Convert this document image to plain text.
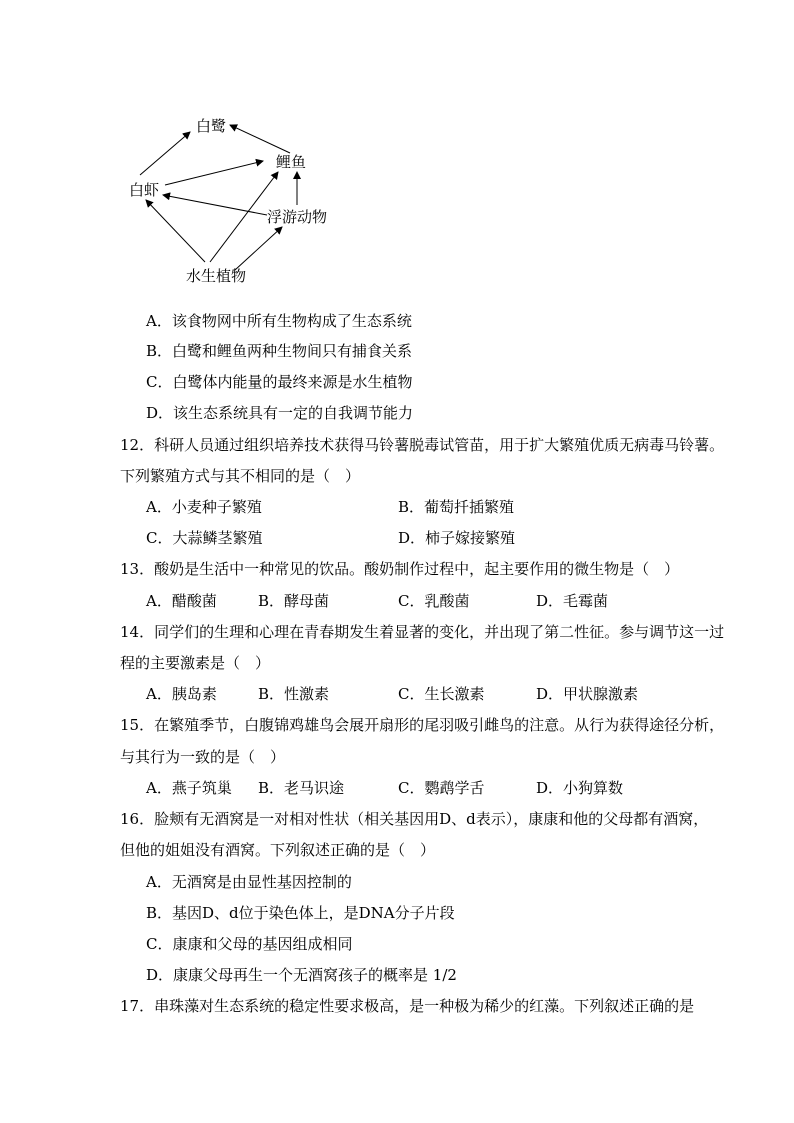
白鹭
鲤鱼
白虾
浮游动物
水生植物
A．该食物网中所有生物构成了生态系统
B．白鹭和鲤鱼两种生物间只有捕食关系
C．白鹭体内能量的最终来源是水生植物
D．该生态系统具有一定的自我调节能力
12．科研人员通过组织培养技术获得马铃薯脱毒试管苗，用于扩大繁殖优质无病毒马铃薯。
下列繁殖方式与其不相同的是（　）
A．小麦种子繁殖	B．葡萄扦插繁殖
C．大蒜鳞茎繁殖	D．柿子嫁接繁殖
13．酸奶是生活中一种常见的饮品。酸奶制作过程中，起主要作用的微生物是（　）
A．醋酸菌	B．酵母菌	C．乳酸菌	D．毛霉菌
14．同学们的生理和心理在青春期发生着显著的变化，并出现了第二性征。参与调节这一过
程的主要激素是（　）
A．胰岛素	B．性激素	C．生长激素	D．甲状腺激素
15．在繁殖季节，白腹锦鸡雄鸟会展开扇形的尾羽吸引雌鸟的注意。从行为获得途径分析，
与其行为一致的是（　）
A．燕子筑巢 B．老马识途	C．鹦鹉学舌	D．小狗算数
16．脸颊有无酒窝是一对相对性状（相关基因用D、d表示），康康和他的父母都有酒窝，
但他的姐姐没有酒窝。下列叙述正确的是（　）
A．无酒窝是由显性基因控制的
B．基因D、d位于染色体上，是DNA分子片段
C．康康和父母的基因组成相同
D．康康父母再生一个无酒窝孩子的概率是 1/2
17．串珠藻对生态系统的稳定性要求极高，是一种极为稀少的红藻。下列叙述正确的是
